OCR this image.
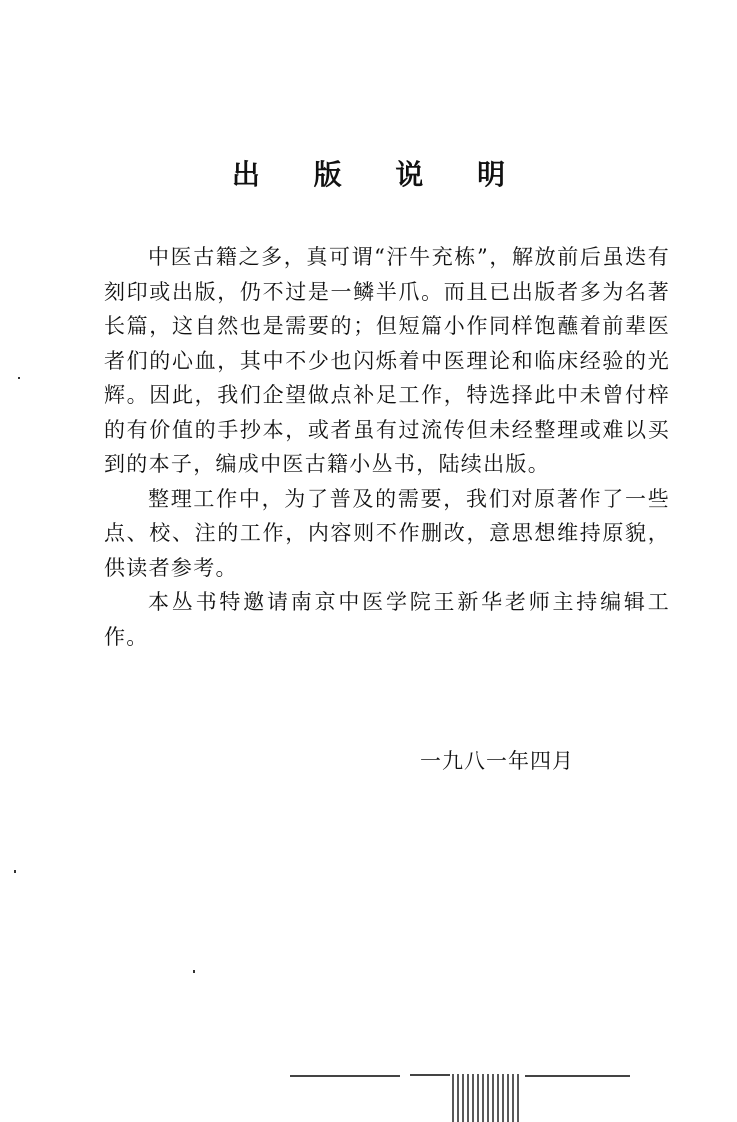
出 版 说 明

中医古籍之多，真可谓“汗牛充栋”，解放前后虽迭有刻印或出版，仍不过是一鳞半爪。而且已出版者多为名著长篇，这自然也是需要的；但短篇小作同样饱蘸着前辈医者们的心血，其中不少也闪烁着中医理论和临床经验的光辉。因此，我们企望做点补足工作，特选择此中未曾付梓的有价值的手抄本，或者虽有过流传但未经整理或难以买到的本子，编成中医古籍小丛书，陆续出版。

整理工作中，为了普及的需要，我们对原著作了一些点、校、注的工作，内容则不作删改，意思想维持原貌，供读者参考。

本丛书特邀请南京中医学院王新华老师主持编辑工作。

一九八一年四月
